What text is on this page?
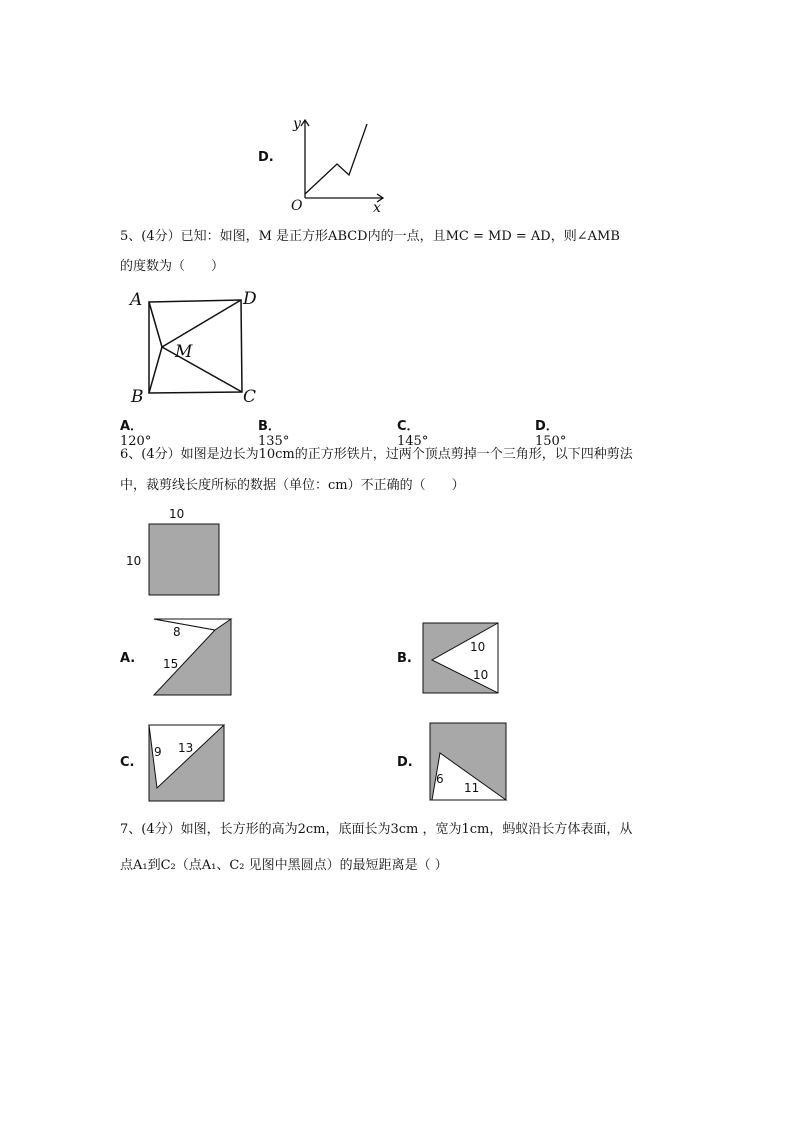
D.
y
x
O
5、(4分）已知：如图，M 是正方形ABCD内的一点，且MC = MD = AD，则∠AMB
的度数为（　　）
A	D
B	C
M
A．120°
B．135°
C．145°
D．150°
6、(4分）如图是边长为10cm的正方形铁片，过两个顶点剪掉一个三角形，以下四种剪法
中，裁剪线长度所标的数据（单位：cm）不正确的（　　）
10
10
A.
8
15	B.
10
10
C.
9 13
D.
6
11
7、(4分）如图，长方形的高为2cm，底面长为3cm ，宽为1cm，蚂蚁沿长方体表面，从
点A₁到C₂（点A₁、C₂ 见图中黑圆点）的最短距离是（ ）
